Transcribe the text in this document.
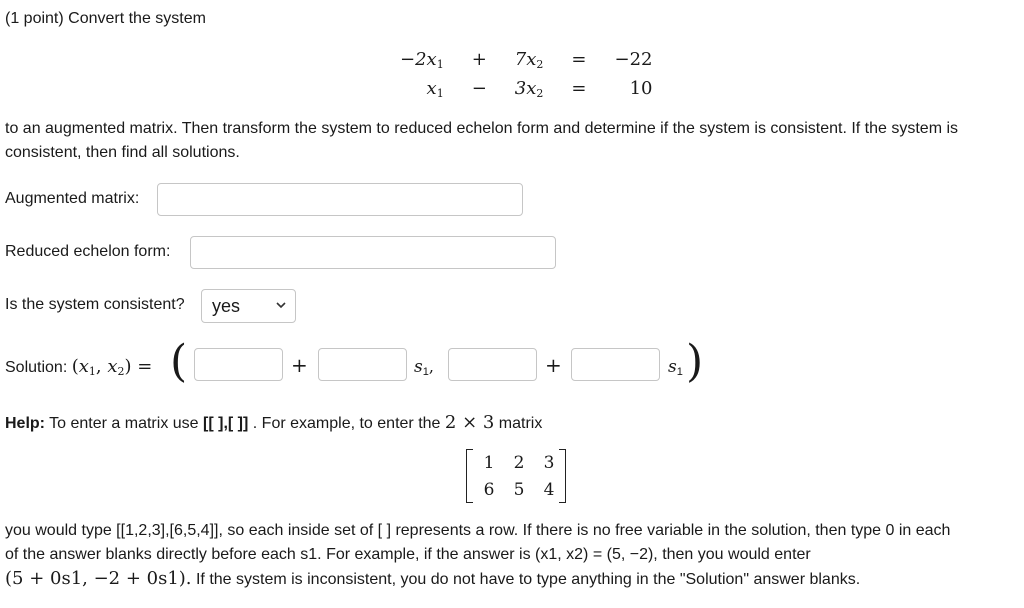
(1 point) Convert the system
$-2x_1$	+	$7x_2$	=	−22
$x_1$	−	$3x_2$	=	10
to an augmented matrix. Then transform the system to reduced echelon form and determine if the system is consistent. If the system is
consistent, then find all solutions.
Augmented matrix:
Reduced echelon form:
Is the system consistent?	yes
Solution: ($x_1$, $x_2$) = (	+	$s_1$,	+	$s_1$ )
Help: To enter a matrix use [[ ],[ ]] . For example, to enter the 2 × 3 matrix
1	2	3
6	5	4
you would type [[1,2,3],[6,5,4]], so each inside set of [ ] represents a row. If there is no free variable in the solution, then type 0 in each
of the answer blanks directly before each s1. For example, if the answer is (x1, x2) = (5, −2), then you would enter
(5 + 0s1, −2 + 0s1). If the system is inconsistent, you do not have to type anything in the "Solution" answer blanks.
